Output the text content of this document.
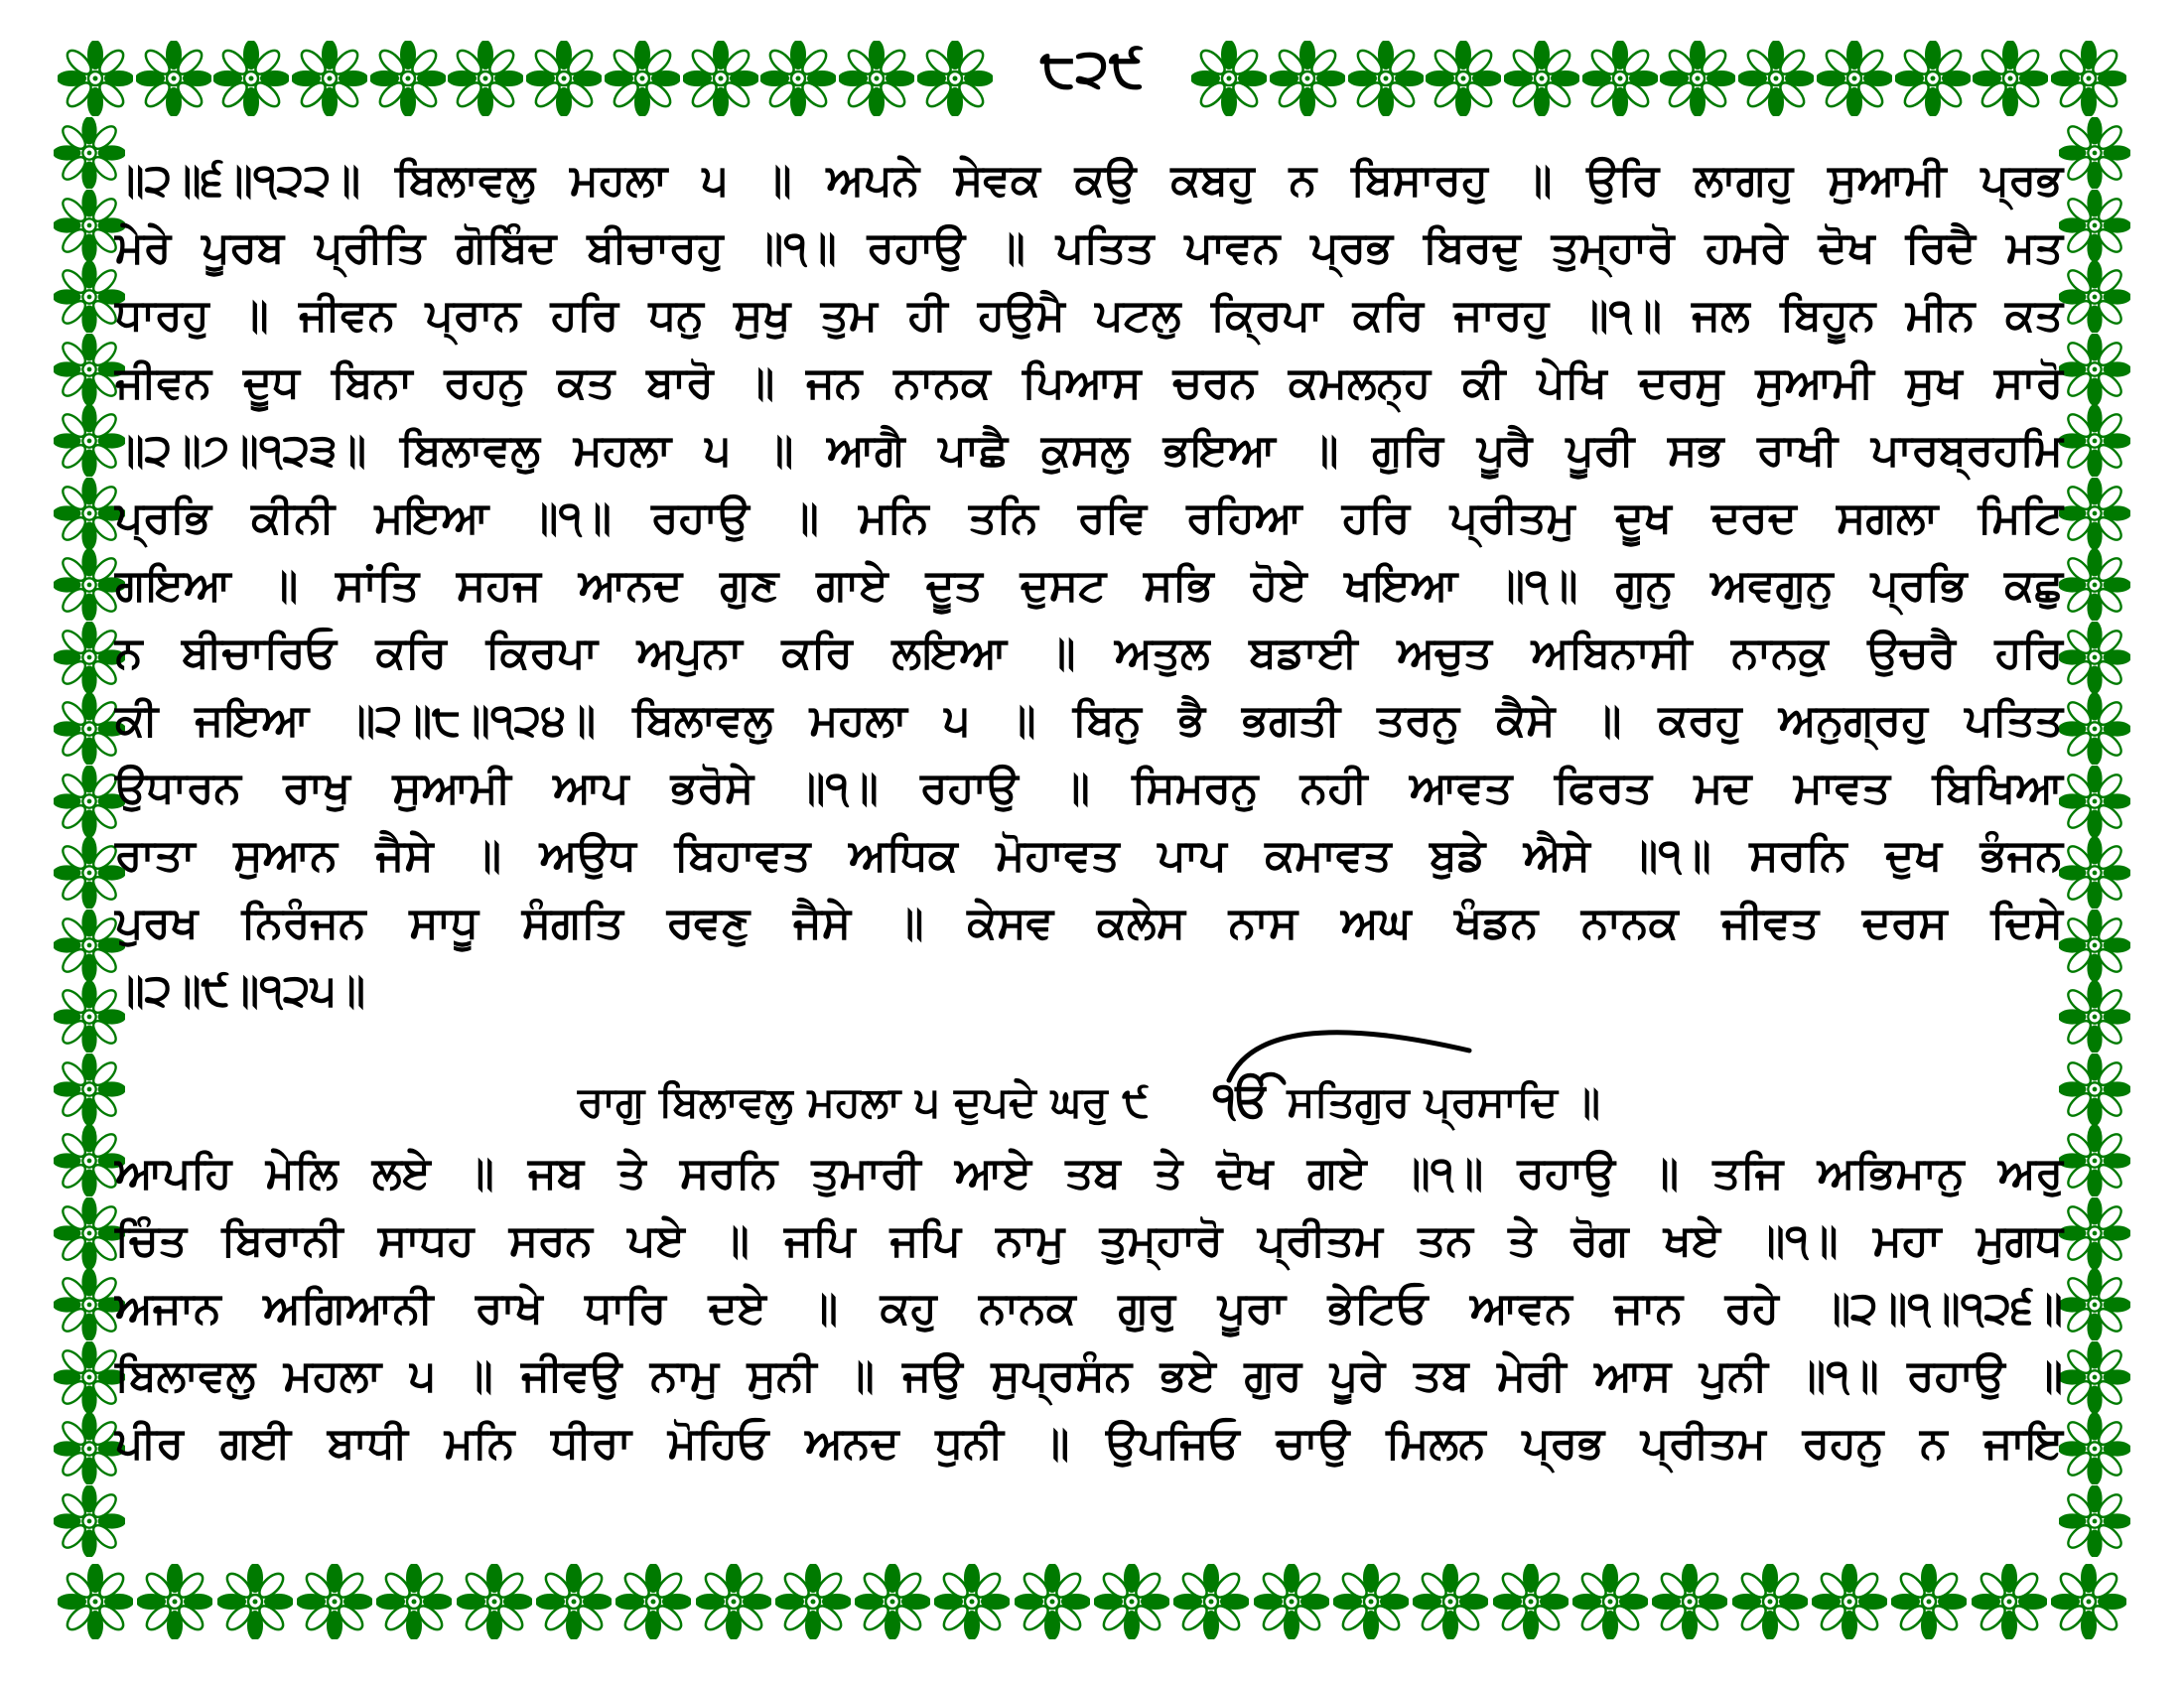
੮੨੯
॥੨॥੬॥੧੨੨॥ ਬਿਲਾਵਲੁ ਮਹਲਾ ੫ ॥ ਅਪਨੇ ਸੇਵਕ ਕਉ ਕਬਹੁ ਨ ਬਿਸਾਰਹੁ ॥ ਉਰਿ ਲਾਗਹੁ ਸੁਆਮੀ ਪ੍ਰਭ
ਮੇਰੇ ਪੂਰਬ ਪ੍ਰੀਤਿ ਗੋਬਿੰਦ ਬੀਚਾਰਹੁ ॥੧॥ ਰਹਾਉ ॥ ਪਤਿਤ ਪਾਵਨ ਪ੍ਰਭ ਬਿਰਦੁ ਤੁਮ੍ਹਾਰੋ ਹਮਰੇ ਦੋਖ ਰਿਦੈ ਮਤ
ਧਾਰਹੁ ॥ ਜੀਵਨ ਪ੍ਰਾਨ ਹਰਿ ਧਨੁ ਸੁਖੁ ਤੁਮ ਹੀ ਹਉਮੈ ਪਟਲੁ ਕ੍ਰਿਪਾ ਕਰਿ ਜਾਰਹੁ ॥੧॥ ਜਲ ਬਿਹੂਨ ਮੀਨ ਕਤ
ਜੀਵਨ ਦੂਧ ਬਿਨਾ ਰਹਨੁ ਕਤ ਬਾਰੋ ॥ ਜਨ ਨਾਨਕ ਪਿਆਸ ਚਰਨ ਕਮਲਨ੍ਹ ਕੀ ਪੇਖਿ ਦਰਸੁ ਸੁਆਮੀ ਸੁਖ ਸਾਰੋ
॥੨॥੭॥੧੨੩॥ ਬਿਲਾਵਲੁ ਮਹਲਾ ੫ ॥ ਆਗੈ ਪਾਛੈ ਕੁਸਲੁ ਭਇਆ ॥ ਗੁਰਿ ਪੂਰੈ ਪੂਰੀ ਸਭ ਰਾਖੀ ਪਾਰਬ੍ਰਹਮਿ
ਪ੍ਰਭਿ ਕੀਨੀ ਮਇਆ ॥੧॥ ਰਹਾਉ ॥ ਮਨਿ ਤਨਿ ਰਵਿ ਰਹਿਆ ਹਰਿ ਪ੍ਰੀਤਮੁ ਦੂਖ ਦਰਦ ਸਗਲਾ ਮਿਟਿ
ਗਇਆ ॥ ਸਾਂਤਿ ਸਹਜ ਆਨਦ ਗੁਣ ਗਾਏ ਦੂਤ ਦੁਸਟ ਸਭਿ ਹੋਏ ਖਇਆ ॥੧॥ ਗੁਨੁ ਅਵਗੁਨੁ ਪ੍ਰਭਿ ਕਛੁ
ਨ ਬੀਚਾਰਿਓ ਕਰਿ ਕਿਰਪਾ ਅਪੁਨਾ ਕਰਿ ਲਇਆ ॥ ਅਤੁਲ ਬਡਾਈ ਅਚੁਤ ਅਬਿਨਾਸੀ ਨਾਨਕੁ ਉਚਰੈ ਹਰਿ
ਕੀ ਜਇਆ ॥੨॥੮॥੧੨੪॥ ਬਿਲਾਵਲੁ ਮਹਲਾ ੫ ॥ ਬਿਨੁ ਭੈ ਭਗਤੀ ਤਰਨੁ ਕੈਸੇ ॥ ਕਰਹੁ ਅਨੁਗ੍ਰਹੁ ਪਤਿਤ
ਉਧਾਰਨ ਰਾਖੁ ਸੁਆਮੀ ਆਪ ਭਰੋਸੇ ॥੧॥ ਰਹਾਉ ॥ ਸਿਮਰਨੁ ਨਹੀ ਆਵਤ ਫਿਰਤ ਮਦ ਮਾਵਤ ਬਿਖਿਆ
ਰਾਤਾ ਸੁਆਨ ਜੈਸੇ ॥ ਅਉਧ ਬਿਹਾਵਤ ਅਧਿਕ ਮੋਹਾਵਤ ਪਾਪ ਕਮਾਵਤ ਬੁਡੇ ਐਸੇ ॥੧॥ ਸਰਨਿ ਦੁਖ ਭੰਜਨ
ਪੁਰਖ ਨਿਰੰਜਨ ਸਾਧੂ ਸੰਗਤਿ ਰਵਣੁ ਜੈਸੇ ॥ ਕੇਸਵ ਕਲੇਸ ਨਾਸ ਅਘ ਖੰਡਨ ਨਾਨਕ ਜੀਵਤ ਦਰਸ ਦਿਸੇ
॥੨॥੯॥੧੨੫॥
ਰਾਗੁ ਬਿਲਾਵਲੁ ਮਹਲਾ ੫ ਦੁਪਦੇ ਘਰੁ ੯ ੴ ਸਤਿਗੁਰ ਪ੍ਰਸਾਦਿ ॥
ਆਪਹਿ ਮੇਲਿ ਲਏ ॥ ਜਬ ਤੇ ਸਰਨਿ ਤੁਮਾਰੀ ਆਏ ਤਬ ਤੇ ਦੋਖ ਗਏ ॥੧॥ ਰਹਾਉ ॥ ਤਜਿ ਅਭਿਮਾਨੁ ਅਰੁ
ਚਿੰਤ ਬਿਰਾਨੀ ਸਾਧਹ ਸਰਨ ਪਏ ॥ ਜਪਿ ਜਪਿ ਨਾਮੁ ਤੁਮ੍ਹਾਰੋ ਪ੍ਰੀਤਮ ਤਨ ਤੇ ਰੋਗ ਖਏ ॥੧॥ ਮਹਾ ਮੁਗਧ
ਅਜਾਨ ਅਗਿਆਨੀ ਰਾਖੇ ਧਾਰਿ ਦਏ ॥ ਕਹੁ ਨਾਨਕ ਗੁਰੁ ਪੂਰਾ ਭੇਟਿਓ ਆਵਨ ਜਾਨ ਰਹੇ ॥੨॥੧॥੧੨੬॥
ਬਿਲਾਵਲੁ ਮਹਲਾ ੫ ॥ ਜੀਵਉ ਨਾਮੁ ਸੁਨੀ ॥ ਜਉ ਸੁਪ੍ਰਸੰਨ ਭਏ ਗੁਰ ਪੂਰੇ ਤਬ ਮੇਰੀ ਆਸ ਪੁਨੀ ॥੧॥ ਰਹਾਉ ॥
ਪੀਰ ਗਈ ਬਾਧੀ ਮਨਿ ਧੀਰਾ ਮੋਹਿਓ ਅਨਦ ਧੁਨੀ ॥ ਉਪਜਿਓ ਚਾਉ ਮਿਲਨ ਪ੍ਰਭ ਪ੍ਰੀਤਮ ਰਹਨੁ ਨ ਜਾਇ
